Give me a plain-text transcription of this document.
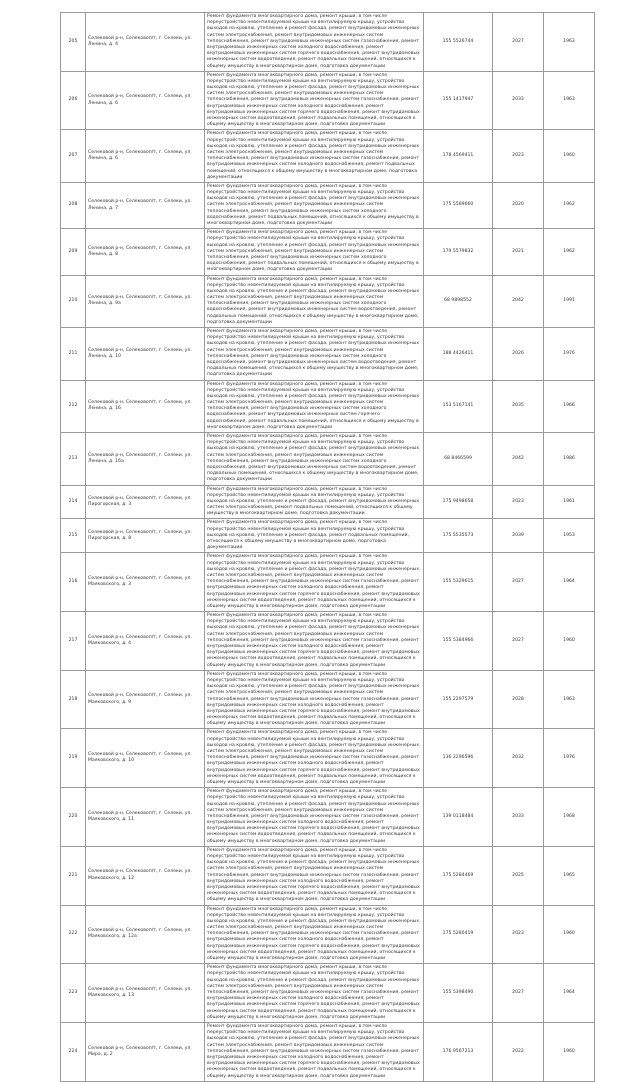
205	Селековой р-н, Селековоп/т, г. Селеки, ул. Ленина, д. 4	Ремонт фундамента многоквартирного дома, ремонт крыши, в том числе переустройство невентилируемой крыши на вентилируемую крышу, устройство выходов на кровлю, утепление и ремонт фасада, ремонт внутридомовых инженерных систем электроснабжения, ремонт внутридомовых инженерных систем теплоснабжения, ремонт внутридомовых инженерных систем газоснабжения, ремонт внутридомовых инженерных систем холодного водоснабжения, ремонт внутридомовых инженерных систем горячего водоснабжения, ремонт внутридомовых инженерных систем водоотведения, ремонт подвальных помещений, относящихся к общему имуществу в многоквартирном доме, подготовка документации	155 5526744	2027	1963
206	Селековой р-н, Селековоп/т, г. Селеки, ул. Ленина, д. 6	Ремонт фундамента многоквартирного дома, ремонт крыши, в том числе переустройство невентилируемой крыши на вентилируемую крышу, устройство выходов на кровлю, утепление и ремонт фасада, ремонт внутридомовых инженерных систем электроснабжения, ремонт внутридомовых инженерных систем теплоснабжения, ремонт внутридомовых инженерных систем газоснабжения, ремонт внутридомовых инженерных систем холодного водоснабжения, ремонт внутридомовых инженерных систем горячего водоснабжения, ремонт внутридомовых инженерных систем водоотведения, ремонт подвальных помещений, относящихся к общему имуществу в многоквартирном доме, подготовка документации	155 1417947	2033	1963
207	Селековой р-н, Селековоп/т, г. Селеки, ул. Ленина, д. 6	Ремонт фундамента многоквартирного дома, ремонт крыши, в том числе переустройство невентилируемой крыши на вентилируемую крышу, устройство выходов на кровлю, утепление и ремонт фасада, ремонт внутридомовых инженерных систем электроснабжения, ремонт внутридомовых инженерных систем теплоснабжения, ремонт внутридомовых инженерных систем газоснабжения, ремонт внутридомовых инженерных систем холодного водоснабжения, ремонт подвальных помещений, относящихся к общему имуществу в многоквартирном доме, подготовка документации	178 4569411	2023	1960
208	Селековой р-н, Селековоп/т, г. Селеки, ул. Ленина, д. 7	Ремонт фундамента многоквартирного дома, ремонт крыши, в том числе переустройство невентилируемой крыши на вентилируемую крышу, устройство выходов на кровлю, утепление и ремонт фасада, ремонт внутридомовых инженерных систем электроснабжения, ремонт внутридомовых инженерных систем теплоснабжения, ремонт внутридомовых инженерных систем холодного водоснабжения, ремонт подвальных помещений, относящихся к общему имуществу в многоквартирном доме, подготовка документации	175 5589660	2020	1962
209	Селековой р-н, Селековоп/т, г. Селеки, ул. Ленина, д. 8	Ремонт фундамента многоквартирного дома, ремонт крыши, в том числе переустройство невентилируемой крыши на вентилируемую крышу, устройство выходов на кровлю, утепление и ремонт фасада, ремонт внутридомовых инженерных систем электроснабжения, ремонт внутридомовых инженерных систем теплоснабжения, ремонт внутридомовых инженерных систем холодного водоснабжения, ремонт подвальных помещений, относящихся к общему имуществу в многоквартирном доме, подготовка документации	179 5579832	2021	1962
210	Селековой р-н, Селековоп/т, г. Селеки, ул. Ленина, д. 9а	Ремонт фундамента многоквартирного дома, ремонт крыши, в том числе переустройство невентилируемой крыши на вентилируемую крышу, устройство выходов на кровлю, утепление и ремонт фасада, ремонт внутридомовых инженерных систем электроснабжения, ремонт внутридомовых инженерных систем теплоснабжения, ремонт внутридомовых инженерных систем холодного водоснабжения, ремонт внутридомовых инженерных систем водоотведения, ремонт подвальных помещений, относящихся к общему имуществу в многоквартирном доме, подготовка документации	68 9898552	2042	1991
211	Селековой р-н, Селековоп/т, г. Селеки, ул. Ленина, д. 10	Ремонт фундамента многоквартирного дома, ремонт крыши, в том числе переустройство невентилируемой крыши на вентилируемую крышу, устройство выходов на кровлю, утепление и ремонт фасада, ремонт внутридомовых инженерных систем электроснабжения, ремонт внутридомовых инженерных систем теплоснабжения, ремонт внутридомовых инженерных систем холодного водоснабжения, ремонт внутридомовых инженерных систем водоотведения, ремонт подвальных помещений, относящихся к общему имуществу в многоквартирном доме, подготовка документации	188 4426411	2026	1976
212	Селековой р-н, Селековоп/т, г. Селеки, ул. Ленина, д. 16	Ремонт фундамента многоквартирного дома, ремонт крыши, в том числе переустройство невентилируемой крыши на вентилируемую крышу, устройство выходов на кровлю, утепление и ремонт фасада, ремонт внутридомовых инженерных систем электроснабжения, ремонт внутридомовых инженерных систем теплоснабжения, ремонт внутридомовых инженерных систем холодного водоснабжения, ремонт внутридомовых инженерных систем горячего водоснабжения, ремонт подвальных помещений, относящихся к общему имуществу в многоквартирном доме, подготовка документации	153 5167141	2035	1966
213	Селековой р-н, Селековоп/т, г. Селеки, ул. Ленина, д. 16а	Ремонт фундамента многоквартирного дома, ремонт крыши, в том числе переустройство невентилируемой крыши на вентилируемую крышу, устройство выходов на кровлю, утепление и ремонт фасада, ремонт внутридомовых инженерных систем электроснабжения, ремонт внутридомовых инженерных систем теплоснабжения, ремонт внутридомовых инженерных систем холодного водоснабжения, ремонт внутридомовых инженерных систем водоотведения, ремонт подвальных помещений, относящихся к общему имуществу в многоквартирном доме, подготовка документации	68 8466599	2042	1986
214	Селековой р-н, Селековоп/т, г. Селеки, ул. Пирогорская, д. 3	Ремонт фундамента многоквартирного дома, ремонт крыши, в том числе переустройство невентилируемой крыши на вентилируемую крышу, устройство выходов на кровлю, утепление и ремонт фасада, ремонт внутридомовых инженерных систем электроснабжения, ремонт подвальных помещений, относящихся к общему имуществу в многоквартирном доме, подготовка документации	175 9498658	2023	1961
215	Селековой р-н, Селековоп/т, г. Селеки, ул. Пирогорская, д. 8	Ремонт фундамента многоквартирного дома, ремонт крыши, в том числе переустройство невентилируемой крыши на вентилируемую крышу, устройство выходов на кровлю, утепление и ремонт фасада, ремонт подвальных помещений, относящихся к общему имуществу в многоквартирном доме, подготовка документации	175 5535573	2039	1953
216	Селековой р-н, Селековоп/т, г. Селеки, ул. Маяковского, д. 3	Ремонт фундамента многоквартирного дома, ремонт крыши, в том числе переустройство невентилируемой крыши на вентилируемую крышу, устройство выходов на кровлю, утепление и ремонт фасада, ремонт внутридомовых инженерных систем электроснабжения, ремонт внутридомовых инженерных систем теплоснабжения, ремонт внутридомовых инженерных систем газоснабжения, ремонт внутридомовых инженерных систем холодного водоснабжения, ремонт внутридомовых инженерных систем горячего водоснабжения, ремонт внутридомовых инженерных систем водоотведения, ремонт подвальных помещений, относящихся к общему имуществу в многоквартирном доме, подготовка документации	155 5329615	2027	1964
217	Селековой р-н, Селековоп/т, г. Селеки, ул. Маяковского, д. 4	Ремонт фундамента многоквартирного дома, ремонт крыши, в том числе переустройство невентилируемой крыши на вентилируемую крышу, устройство выходов на кровлю, утепление и ремонт фасада, ремонт внутридомовых инженерных систем электроснабжения, ремонт внутридомовых инженерных систем теплоснабжения, ремонт внутридомовых инженерных систем газоснабжения, ремонт внутридомовых инженерных систем холодного водоснабжения, ремонт внутридомовых инженерных систем горячего водоснабжения, ремонт внутридомовых инженерных систем водоотведения, ремонт подвальных помещений, относящихся к общему имуществу в многоквартирном доме, подготовка документации	155 5384966	2027	1960
218	Селековой р-н, Селековоп/т, г. Селеки, ул. Маяковского, д. 9	Ремонт фундамента многоквартирного дома, ремонт крыши, в том числе переустройство невентилируемой крыши на вентилируемую крышу, устройство выходов на кровлю, утепление и ремонт фасада, ремонт внутридомовых инженерных систем электроснабжения, ремонт внутридомовых инженерных систем теплоснабжения, ремонт внутридомовых инженерных систем газоснабжения, ремонт внутридомовых инженерных систем холодного водоснабжения, ремонт внутридомовых инженерных систем горячего водоснабжения, ремонт внутридомовых инженерных систем водоотведения, ремонт подвальных помещений, относящихся к общему имуществу в многоквартирном доме, подготовка документации	155 2297579	2028	1963
219	Селековой р-н, Селековоп/т, г. Селеки, ул. Маяковского, д. 10	Ремонт фундамента многоквартирного дома, ремонт крыши, в том числе переустройство невентилируемой крыши на вентилируемую крышу, устройство выходов на кровлю, утепление и ремонт фасада, ремонт внутридомовых инженерных систем электроснабжения, ремонт внутридомовых инженерных систем теплоснабжения, ремонт внутридомовых инженерных систем газоснабжения, ремонт внутридомовых инженерных систем холодного водоснабжения, ремонт внутридомовых инженерных систем горячего водоснабжения, ремонт внутридомовых инженерных систем водоотведения, ремонт подвальных помещений, относящихся к общему имуществу в многоквартирном доме, подготовка документации	136 2296596	2032	1976
220	Селековой р-н, Селековоп/т, г. Селеки, ул. Маяковского, д. 11	Ремонт фундамента многоквартирного дома, ремонт крыши, в том числе переустройство невентилируемой крыши на вентилируемую крышу, устройство выходов на кровлю, утепление и ремонт фасада, ремонт внутридомовых инженерных систем электроснабжения, ремонт внутридомовых инженерных систем теплоснабжения, ремонт внутридомовых инженерных систем газоснабжения, ремонт внутридомовых инженерных систем холодного водоснабжения, ремонт внутридомовых инженерных систем горячего водоснабжения, ремонт внутридомовых инженерных систем водоотведения, ремонт подвальных помещений, относящихся к общему имуществу в многоквартирном доме, подготовка документации	139 0118484	2033	1968
221	Селековой р-н, Селековоп/т, г. Селеки, ул. Маяковского, д. 12	Ремонт фундамента многоквартирного дома, ремонт крыши, в том числе переустройство невентилируемой крыши на вентилируемую крышу, устройство выходов на кровлю, утепление и ремонт фасада, ремонт внутридомовых инженерных систем электроснабжения, ремонт внутридомовых инженерных систем теплоснабжения, ремонт внутридомовых инженерных систем газоснабжения, ремонт внутридомовых инженерных систем холодного водоснабжения, ремонт внутридомовых инженерных систем горячего водоснабжения, ремонт внутридомовых инженерных систем водоотведения, ремонт подвальных помещений, относящихся к общему имуществу в многоквартирном доме, подготовка документации	175 5284469	2025	1965
222	Селековой р-н, Селековоп/т, г. Селеки, ул. Маяковского, д. 12а	Ремонт фундамента многоквартирного дома, ремонт крыши, в том числе переустройство невентилируемой крыши на вентилируемую крышу, устройство выходов на кровлю, утепление и ремонт фасада, ремонт внутридомовых инженерных систем электроснабжения, ремонт внутридомовых инженерных систем теплоснабжения, ремонт внутридомовых инженерных систем газоснабжения, ремонт внутридомовых инженерных систем холодного водоснабжения, ремонт внутридомовых инженерных систем горячего водоснабжения, ремонт внутридомовых инженерных систем водоотведения, ремонт подвальных помещений, относящихся к общему имуществу в многоквартирном доме, подготовка документации	175 5280419	2023	1960
223	Селековой р-н, Селековоп/т, г. Селеки, ул. Маяковского, д. 13	Ремонт фундамента многоквартирного дома, ремонт крыши, в том числе переустройство невентилируемой крыши на вентилируемую крышу, устройство выходов на кровлю, утепление и ремонт фасада, ремонт внутридомовых инженерных систем электроснабжения, ремонт внутридомовых инженерных систем теплоснабжения, ремонт внутридомовых инженерных систем газоснабжения, ремонт внутридомовых инженерных систем холодного водоснабжения, ремонт внутридомовых инженерных систем горячего водоснабжения, ремонт внутридомовых инженерных систем водоотведения, ремонт подвальных помещений, относящихся к общему имуществу в многоквартирном доме, подготовка документации	155 5398490	2027	1964
224	Селековой р-н, Селековоп/т, г. Селеки, ул. Мира, д. 2	Ремонт фундамента многоквартирного дома, ремонт крыши, в том числе переустройство невентилируемой крыши на вентилируемую крышу, устройство выходов на кровлю, утепление и ремонт фасада, ремонт внутридомовых инженерных систем электроснабжения, ремонт внутридомовых инженерных систем теплоснабжения, ремонт внутридомовых инженерных систем газоснабжения, ремонт внутридомовых инженерных систем холодного водоснабжения, ремонт внутридомовых инженерных систем горячего водоснабжения, ремонт внутридомовых инженерных систем водоотведения, ремонт подвальных помещений, относящихся к общему имуществу в многоквартирном доме, подготовка документации	176 9567213	2022	1960
